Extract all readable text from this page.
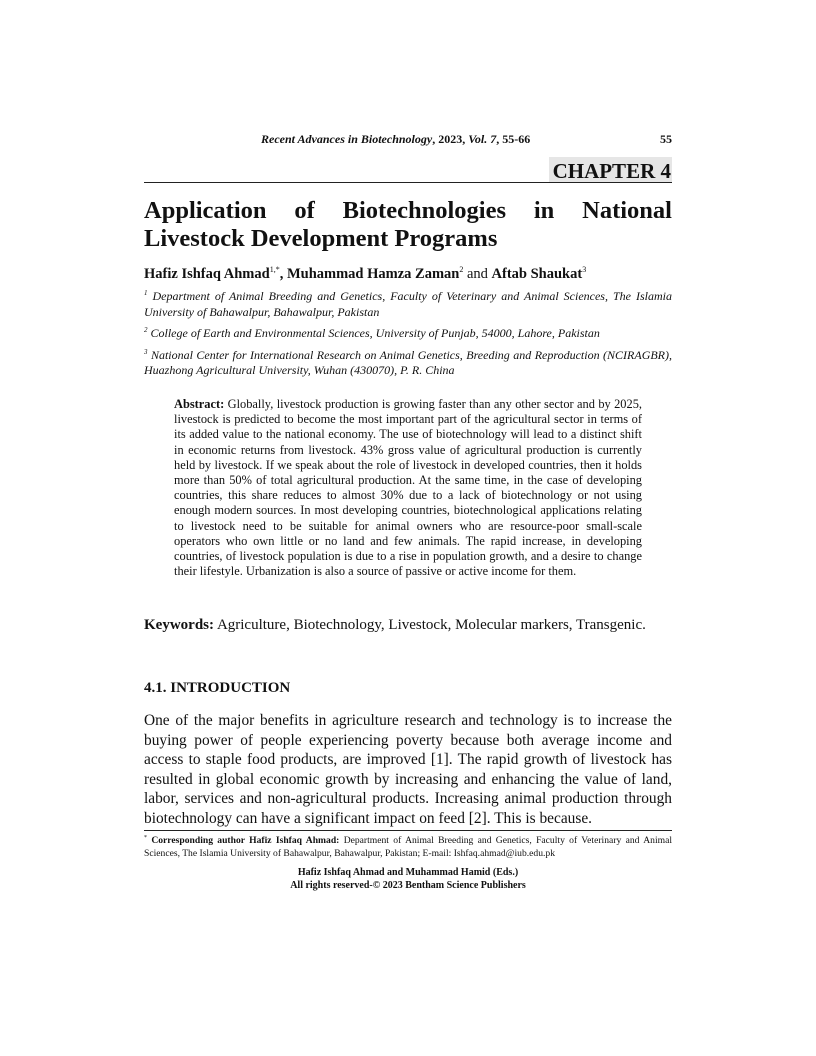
Recent Advances in Biotechnology, 2023, Vol. 7, 55-66	55
CHAPTER 4
Application of Biotechnologies in National
Livestock Development Programs
Hafiz Ishfaq Ahmad$^{1,*}$, Muhammad Hamza Zaman$^2$ and Aftab Shaukat$^3$

$^1$ Department of Animal Breeding and Genetics, Faculty of Veterinary and Animal Sciences, The Islamia University of Bahawalpur, Bahawalpur, Pakistan

$^2$ College of Earth and Environmental Sciences, University of Punjab, 54000, Lahore, Pakistan

$^3$ National Center for International Research on Animal Genetics, Breeding and Reproduction (NCIRAGBR), Huazhong Agricultural University, Wuhan (430070), P. R. China

Abstract: Globally, livestock production is growing faster than any other sector and by 2025, livestock is predicted to become the most important part of the agricultural sector in terms of its added value to the national economy. The use of biotechnology will lead to a distinct shift in economic returns from livestock. 43% gross value of agricultural production is currently held by livestock. If we speak about the role of livestock in developed countries, then it holds more than 50% of total agricultural production. At the same time, in the case of developing countries, this share reduces to almost 30% due to a lack of biotechnology or not using enough modern sources. In most developing countries, biotechnological applications relating to livestock need to be suitable for animal owners who are resource-poor small-scale operators who own little or no land and few animals. The rapid increase, in developing countries, of livestock population is due to a rise in population growth, and a desire to change their lifestyle. Urbanization is also a source of passive or active income for them.

Keywords: Agriculture, Biotechnology, Livestock, Molecular markers, Transgenic.

4.1. INTRODUCTION

One of the major benefits in agriculture research and technology is to increase the buying power of people experiencing poverty because both average income and access to staple food products, are improved [1]. The rapid growth of livestock has resulted in global economic growth by increasing and enhancing the value of land, labor, services and non-agricultural products. Increasing animal production through biotechnology can have a significant impact on feed [2]. This is because.

* Corresponding author Hafiz Ishfaq Ahmad: Department of Animal Breeding and Genetics, Faculty of Veterinary and Animal Sciences, The Islamia University of Bahawalpur, Bahawalpur, Pakistan; E-mail: Ishfaq.ahmad@iub.edu.pk

Hafiz Ishfaq Ahmad and Muhammad Hamid (Eds.)
All rights reserved-© 2023 Bentham Science Publishers
